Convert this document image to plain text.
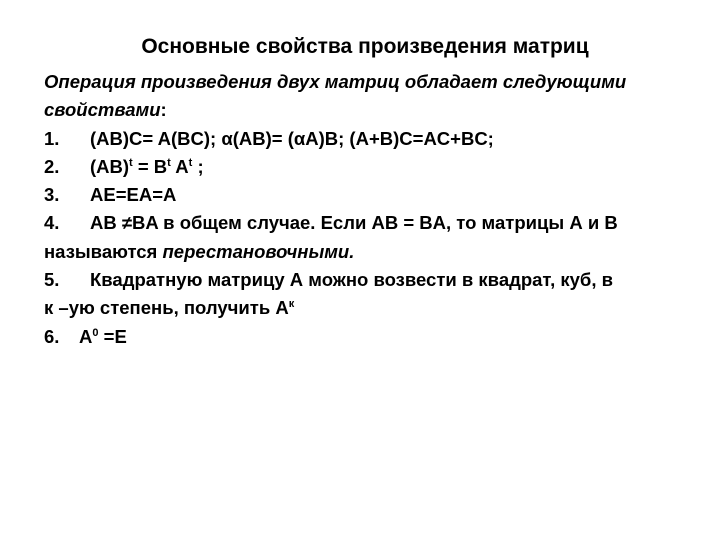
Основные свойства произведения матриц
Операция произведения двух матриц обладает следующими
свойствами:
1. (AB)C= A(BC); α(AB)= (αA)B; (A+B)C=AC+BC;
2. $(AB)^t = B^t$ $A^t$ ;
3. AE=EA=A
4. AB ≠BA в общем случае. Если AB = BA, то матрицы А и В
называются перестановочными.
5. Квадратную матрицу А можно возвести в квадрат, куб, в
к –ую степень, получить $А^к$
6. $A^0 =E$
